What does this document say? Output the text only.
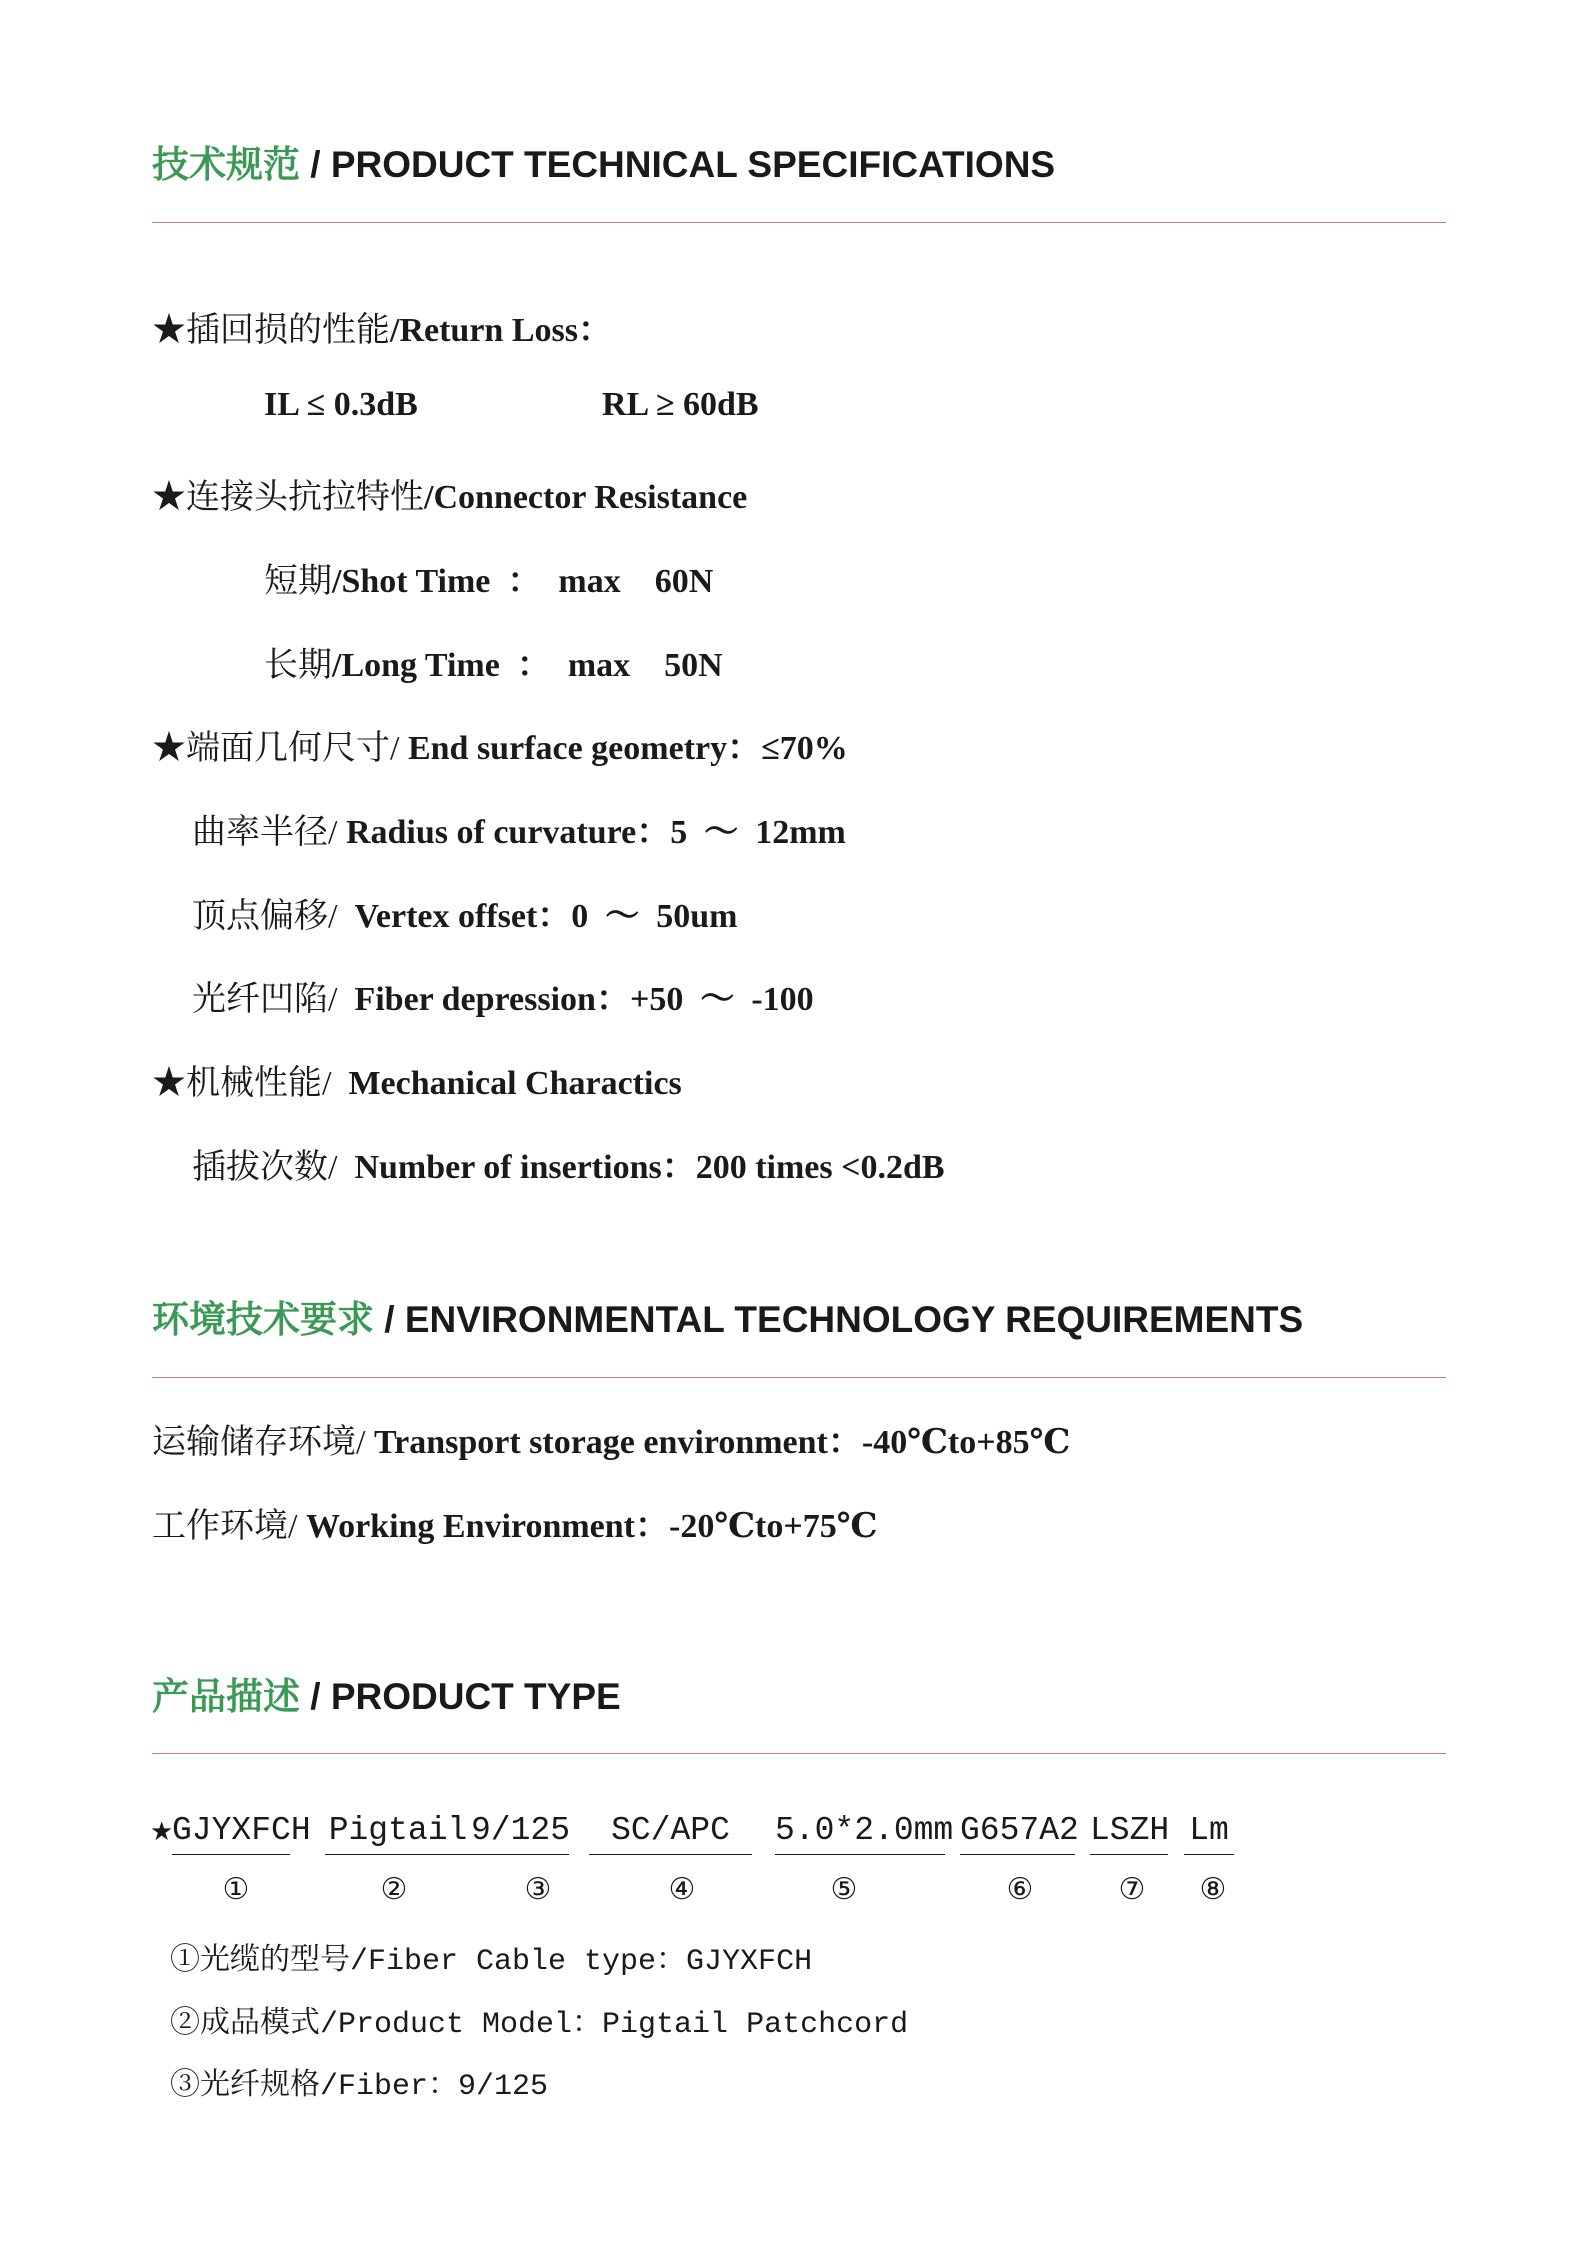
技术规范 / PRODUCT TECHNICAL SPECIFICATIONS
★插回损的性能/Return Loss：
IL ≤ 0.3dB	RL ≥ 60dB
★连接头抗拉特性/Connector Resistance
短期/Shot Time  ：  max    60N
长期/Long Time  ：  max    50N
★端面几何尺寸/ End surface geometry：≤70%
曲率半径/ Radius of curvature：5  ～  12mm
顶点偏移/  Vertex offset：0  ～  50um
光纤凹陷/  Fiber depression：+50  ～  -100
★机械性能/  Mechanical Charactics
插拔次数/  Number of insertions：200 times <0.2dB
环境技术要求 / ENVIRONMENTAL TECHNOLOGY REQUIREMENTS
运输储存环境/ Transport storage environment：-40℃to+85℃
工作环境/ Working Environment：-20℃to+75℃
产品描述 / PRODUCT TYPE
★
GJYXFCH Pigtail 9/125	SC/APC	5.0*2.0mm G657A2 LSZH Lm
①	②	③	④	⑤	⑥	⑦ ⑧
①光缆的型号/Fiber Cable type：GJYXFCH
②成品模式/Product Model：Pigtail Patchcord
③光纤规格/Fiber：9/125
